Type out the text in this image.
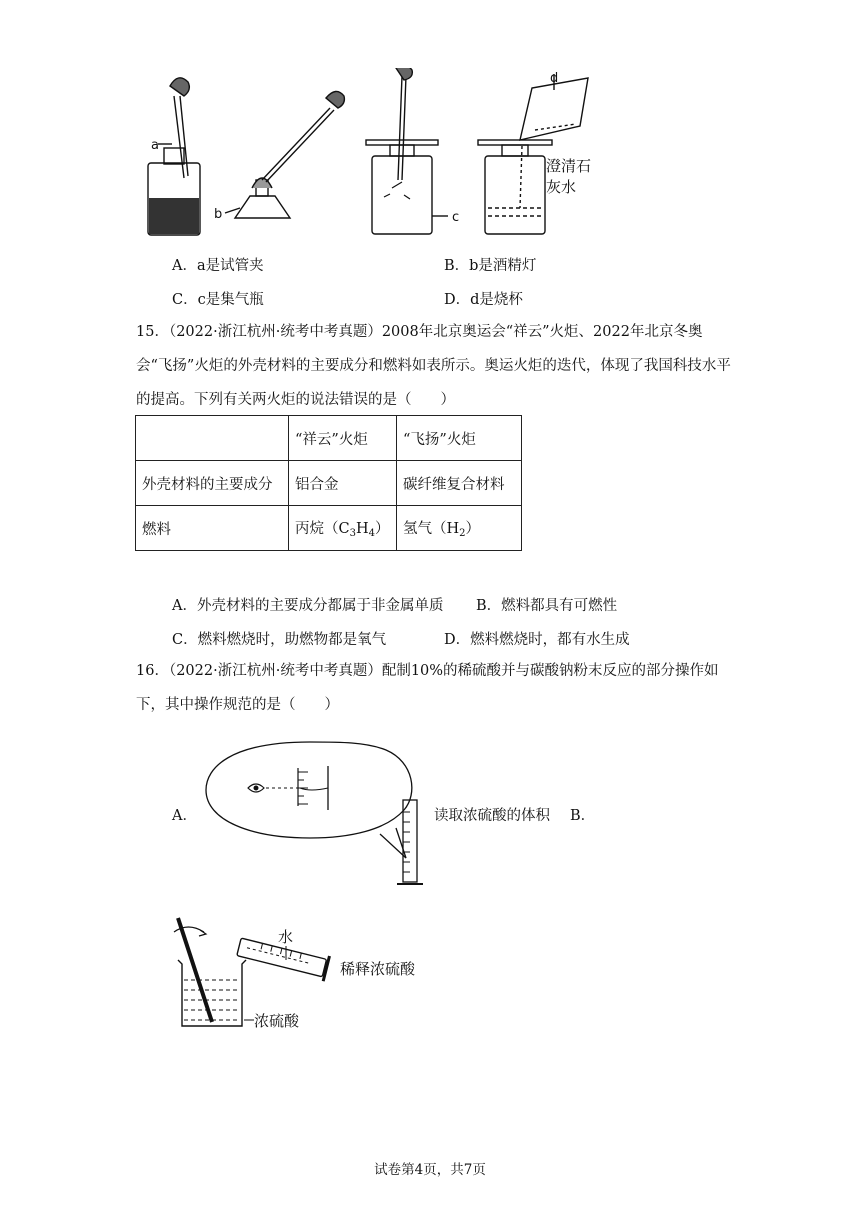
a
b	c
d
澄清石
灰水
A．a是试管夹	B．b是酒精灯
C．c是集气瓶	D．d是烧杯
15．（2022·浙江杭州·统考中考真题）2008年北京奥运会“祥云”火炬、2022年北京冬奥会“飞扬”火炬的外壳材料的主要成分和燃料如表所示。奥运火炬的迭代，体现了我国科技水平的提高。下列有关两火炬的说法错误的是（　　）
	“祥云”火炬	“飞扬”火炬
外壳材料的主要成分	铝合金	碳纤维复合材料
燃料	丙烷$(C_3H_4)$	氢气$(H_2)$
A．外壳材料的主要成分都属于非金属单质 B．燃料都具有可燃性
C．燃料燃烧时，助燃物都是氧气	D．燃料燃烧时，都有水生成
16．（2022·浙江杭州·统考中考真题）配制10%的稀硫酸并与碳酸钠粉末反应的部分操作如下，其中操作规范的是（　　）
A．	读取浓硫酸的体积 B．
水
稀释浓硫酸
浓硫酸
试卷第4页，共7页
